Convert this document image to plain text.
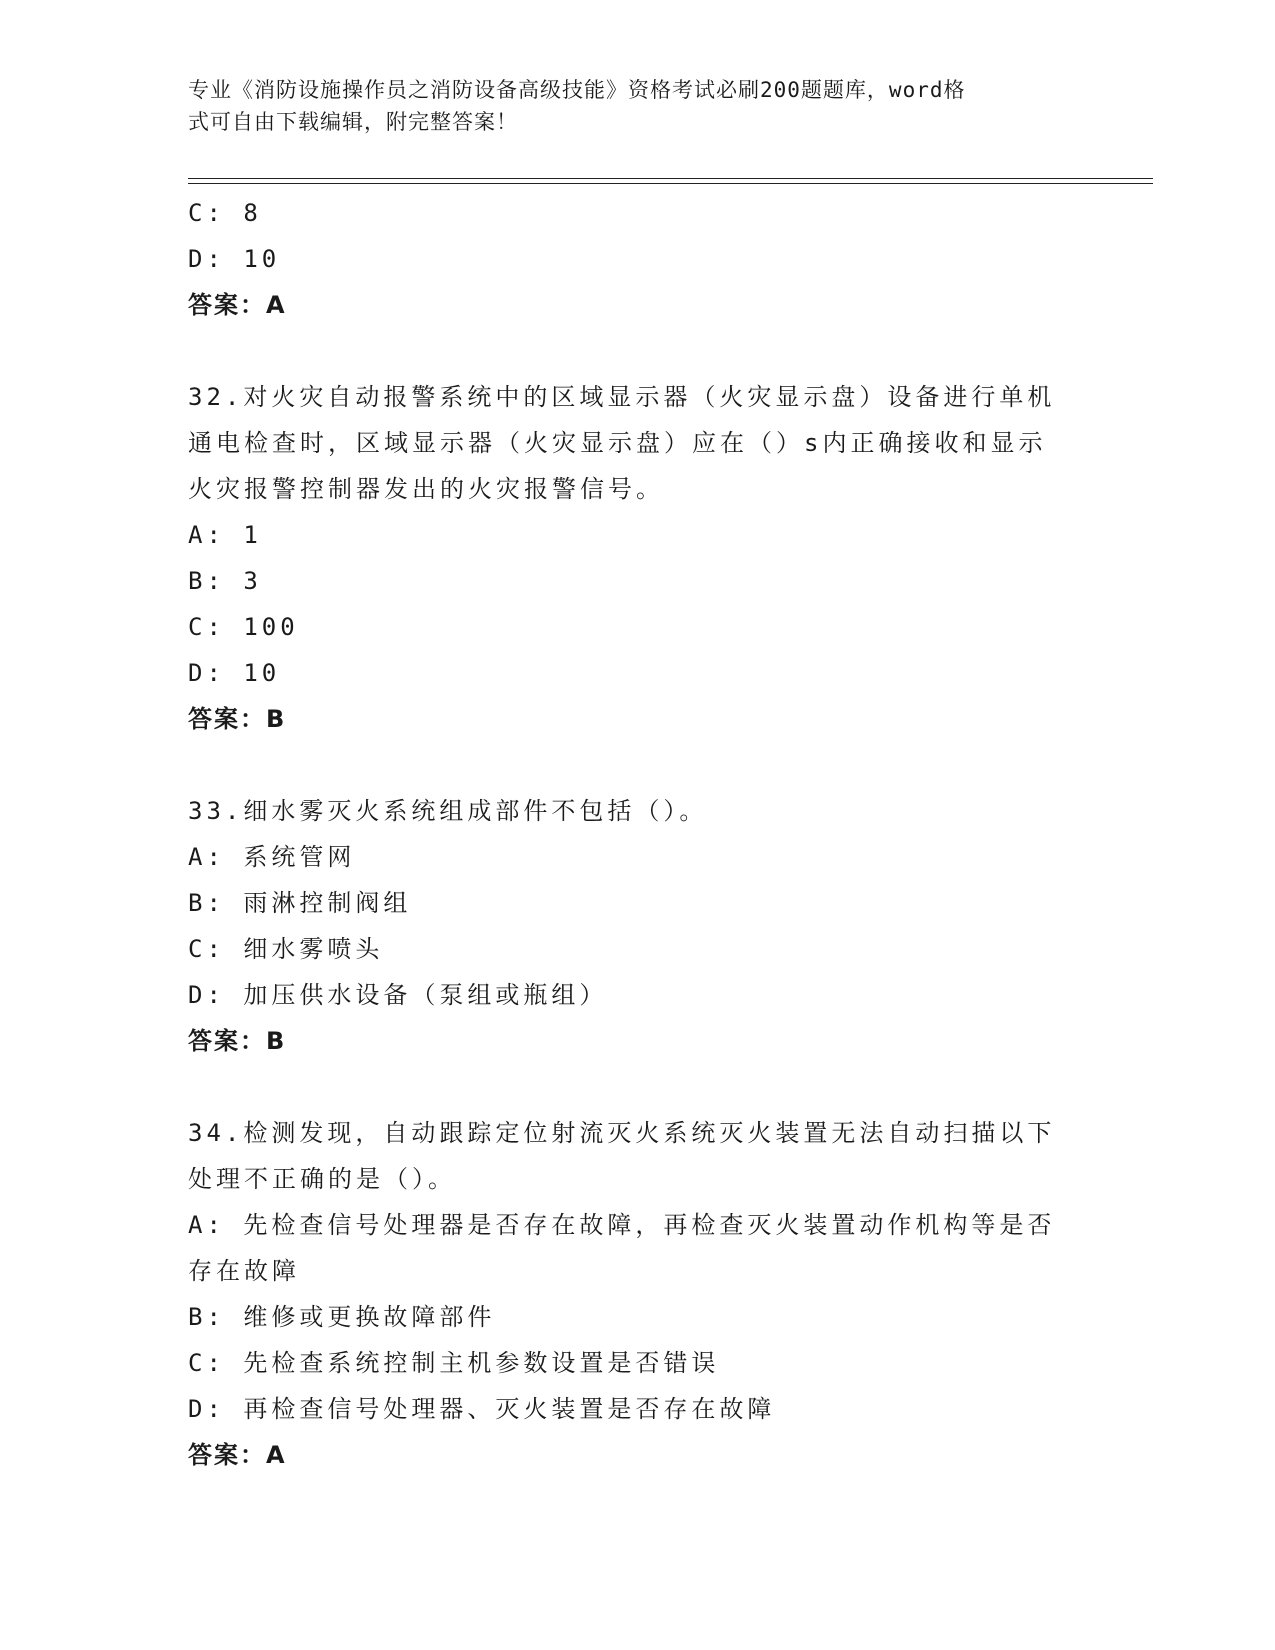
专业《消防设施操作员之消防设备高级技能》资格考试必刷200题题库，word格
式可自由下载编辑，附完整答案！
C: 8
D: 10
答案：A
32.对火灾自动报警系统中的区域显示器（火灾显示盘）设备进行单机
通电检查时，区域显示器（火灾显示盘）应在（）s内正确接收和显示
火灾报警控制器发出的火灾报警信号。
A: 1
B: 3
C: 100
D: 10
答案：B
33.细水雾灭火系统组成部件不包括（）。
A: 系统管网
B: 雨淋控制阀组
C: 细水雾喷头
D: 加压供水设备（泵组或瓶组）
答案：B
34.检测发现，自动跟踪定位射流灭火系统灭火装置无法自动扫描以下
处理不正确的是（）。
A: 先检查信号处理器是否存在故障，再检查灭火装置动作机构等是否
存在故障
B: 维修或更换故障部件
C: 先检查系统控制主机参数设置是否错误
D: 再检查信号处理器、灭火装置是否存在故障
答案：A
